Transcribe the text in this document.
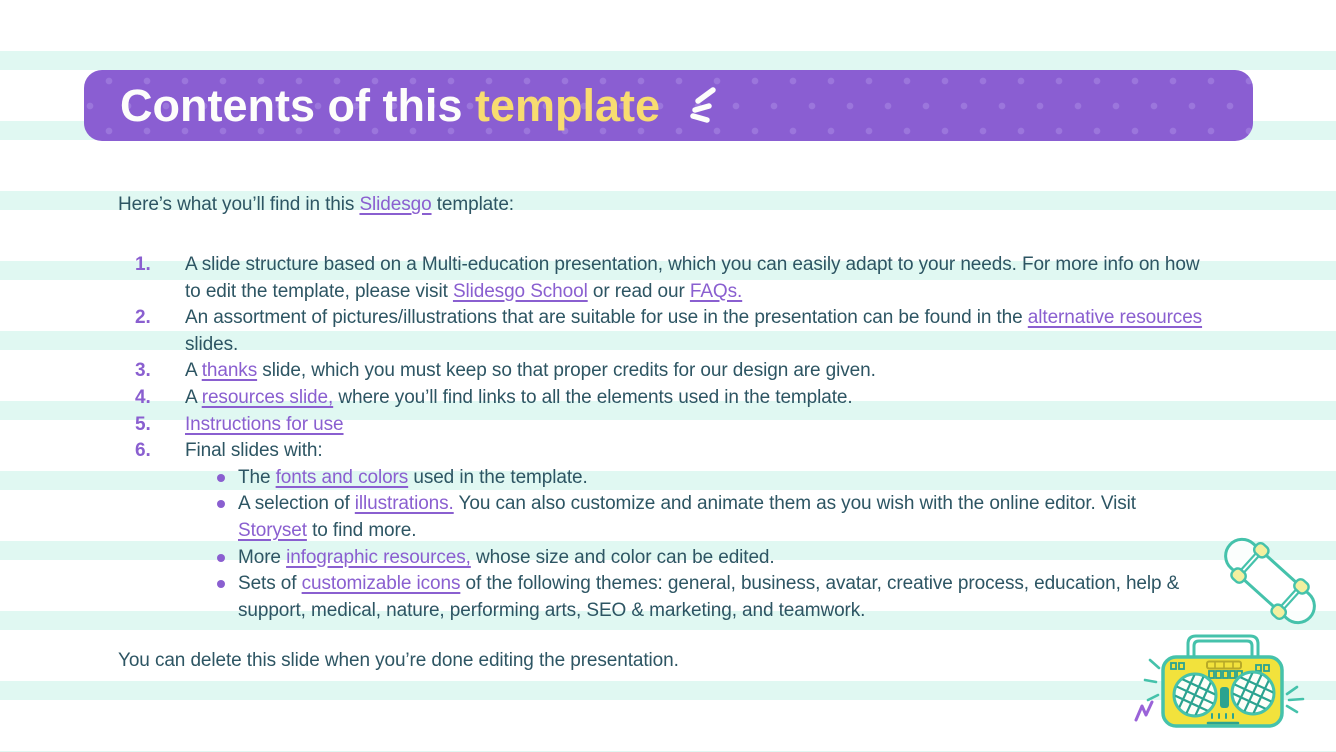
Contents of this template

Here’s what you’ll find in this Slidesgo template:

1.	A slide structure based on a Multi-education presentation, which you can easily adapt to your needs. For more info on how to edit the template, please visit Slidesgo School or read our FAQs.
2.	An assortment of pictures/illustrations that are suitable for use in the presentation can be found in the alternative resources slides.
3.	A thanks slide, which you must keep so that proper credits for our design are given.
4.	A resources slide, where you’ll find links to all the elements used in the template.
5.	Instructions for use
6.	Final slides with:
The fonts and colors used in the template.
A selection of illustrations. You can also customize and animate them as you wish with the online editor. Visit Storyset to find more.
More infographic resources, whose size and color can be edited.
Sets of customizable icons of the following themes: general, business, avatar, creative process, education, help & support, medical, nature, performing arts, SEO & marketing, and teamwork.

You can delete this slide when you’re done editing the presentation.
